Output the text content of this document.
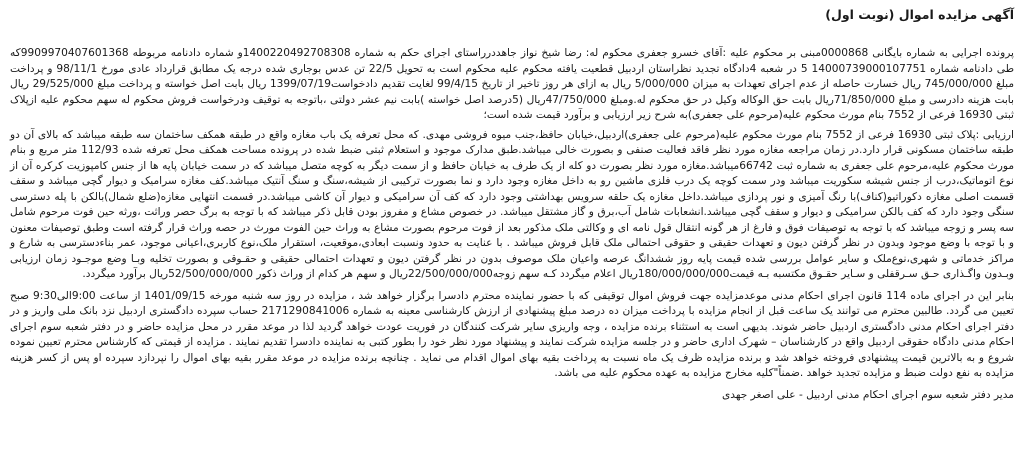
آگهی مزایده اموال (نوبت اول)

پرونده اجرایی به شماره بایگانی 0000868مبنی بر محکوم علیه :آقای خسرو جعفری محکوم له: رضا شیخ نواز جاهددرراستای اجرای حکم به شماره 1400220492708308و شماره دادنامه مربوطه 9909970407601368که طی دادنامه شماره 14000739000107751 5 در شعبه 4دادگاه تجدید نظراستان اردبیل قطعیت یافته محکوم علیه محکوم است به تحویل 22/5 تن عدس بوجاری شده درجه یک مطابق قرارداد عادی مورخ 98/11/1 و پرداخت مبلغ 745/000/000 ریال خسارت حاصله از عدم اجرای تعهدات به میزان 5/000/000 ریال به ازای هر روز تاخیر از تاریخ 99/4/15 لغایت تقدیم دادخواست1399/07/19 ریال بابت اصل خواسته و پرداخت مبلغ 29/525/000 ریال بابت هزینه دادرسی و مبلغ 71/850/000ریال بابت حق الوکاله وکیل در حق محکوم له.ومبلغ 47/750/000ریال (5درصد اصل خواسته )بابت نیم عشر دولتی ،باتوجه به توقیف ودرخواست فروش محکوم له سهم محکوم علیه ازپلاک ثبتی 16930 فرعی از 7552 بنام مورث محکوم علیه(مرحوم علی جعفری)به شرح زیر ارزیابی و برآورد قیمت شده است؛

ارزیابی :پلاک ثبتی 16930 فرعی از 7552 بنام مورث محکوم علیه(مرحوم علی جعفری)اردبیل،خیابان حافظ،جنب میوه فروشی مهدی. که محل تعرفه یک باب مغازه واقع در طبقه همکف ساختمان سه طبقه میباشد که بالای آن دو طبقه ساختمان مسکونی قرار دارد.در زمان مراجعه مغازه مورد نظر فاقد فعالیت صنفی و بصورت خالی میباشد.طبق مدارک موجود و استعلام ثبتی ضبط شده در پرونده مساحت همکف محل تعرفه شده 112/93 متر مربع و بنام مورث محکوم علیه،مرحوم علی جعفری به شماره ثبت 66742میباشد.مغازه مورد نظر بصورت دو کله از یک طرف به خیابان حافظ و از سمت دیگر به کوچه متصل میباشد که در سمت خیابان پایه ها از جنس کامپوزیت کرکره آن از نوع اتوماتیک،درب از جنس شیشه سکوریت میباشد ودر سمت کوچه یک درب فلزی ماشین رو به داخل مغازه وجود دارد و نما بصورت ترکیبی از شیشه،سنگ و سنگ آنتیک میباشد.کف مغازه سرامیک و دیوار گچی میباشد و سقف قسمت اصلی مغازه دکوراتیو(کناف)با رنگ آمیزی و نور پردازی میباشد.داخل مغازه یک حلقه سرویس بهداشتی وجود دارد که کف آن سرامیکی و دیوار آن کاشی میباشد.در قسمت انتهایی مغازه(ضلع شمال)بالکن با پله دسترسی سنگی وجود دارد که کف بالکن سرامیکی و دیوار و سقف گچی میباشد.انشعابات شامل آب،برق و گاز مشتقل میباشد. در خصوص مشاع و مفروز بودن قابل ذکر میباشد که با توجه به برگ حصر وراثت ،ورثه حین فوت مرحوم شامل سه پسر و زوجه میباشد که با توجه به توصیفات فوق و فارغ از هر گونه انتقال قول نامه ای و وکالتی ملک مذکور بعد از فوت مرحوم بصورت مشاع به وراث حین الفوت مورث در حصه وراث قرار گرفته است وطبق توصیفات معنون و با توجه با وضع موجود وبدون در نظر گرفتن دیون و تعهدات حقیقی و حقوقی احتمالی ملک قابل فروش میباشد . با عنایت به حدود ونسبت ابعادی،موقعیت، استقرار ملک،نوع کاربری،اعیانی موجود، عمر بناءدسترسی به شارع و مراکز خدماتی و شهری،نوع‌ملک و سایر عوامل بررسی شده قیمت پایه روز ششدانگ عرصه واعیان ملک موصوف بدون در نظر گرفتن دیون و تعهدات احتمالی حقیقی و حقـوقی و بصورت تخلیه وبـا وضع موجـود زمان ارزیابی وبـدون واگـذاری حـق سـرقفلی و سـایر حقـوق مکتسبه بـه قیمت180/000/000/000ریال اعلام میگردد کـه سهم زوجه22/500/000/000ریال و سهم هر کدام از وراث ذکور 52/500/000/000ریال برآورد میگردد.

بنابر این در اجرای ماده 114 قانون اجرای احکام مدنی موعدمزایده جهت فروش اموال توقیفی که با حضور نماینده محترم دادسرا برگزار خواهد شد ، مزایده در روز سه شنبه مورخه 1401/09/15 از ساعت 9:00الی9:30 صبح تعیین می گردد. طالبین محترم می توانند یک ساعت قبل از انجام مزایده با پرداخت میزان ده درصد مبلغ پیشنهادی از ارزش کارشناسی معینه به شماره 2171290841006 حساب سپرده دادگستری اردبیل نزد بانک ملی واریز و در دفتر اجرای احکام مدنی دادگستری اردبیل حاضر شوند. بدیهی است به استثناء برنده مزایده ، وجه واریزی سایر شرکت کنندگان در فوریت عودت خواهد گردید لذا در موعد مقرر در محل مزایده حاضر و در دفتر شعبه سوم اجرای احکام مدنی دادگاه حقوقی اردبیل واقع در کارشناسان – شهرک اداری حاضر و در جلسه مزایده شرکت نمایند و پیشنهاد مورد نظر خود را بطور کتبی به نماینده دادسرا تقدیم نمایند . مزایده از قیمتی که کارشناس محترم تعیین نموده شروع و به بالاترین قیمت پیشنهادی فروخته خواهد شد و برنده مزایده ظرف یک ماه نسبت به پرداخت بقیه بهای اموال اقدام می نماید . چنانچه برنده مزایده در موعد مقرر بقیه بهای اموال را نپردازد سپرده او پس از کسر هزینه مزایده به نفع دولت ضبط و مزایده تجدید خواهد .ضمناً"کلیه مخارج مزایده به عهده محکوم علیه می باشد.

مدیر دفتر شعبه سوم اجرای احکام مدنی اردبیل - علی اصغر جهدی
